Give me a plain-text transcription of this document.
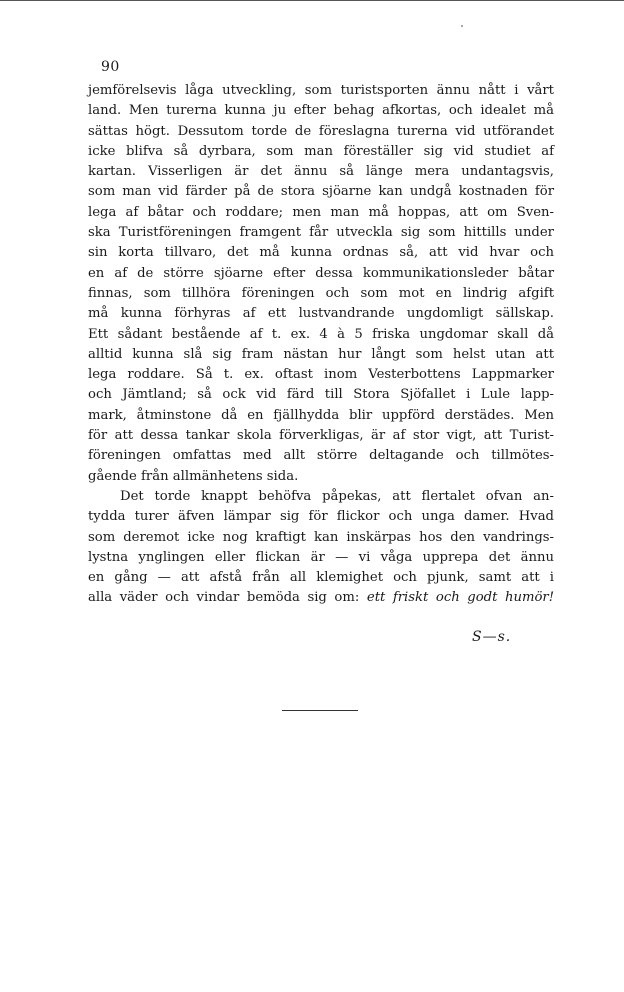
90
jemförelsevis låga utveckling, som turistsporten ännu nått i vårt
land. Men turerna kunna ju efter behag afkortas, och idealet må
sättas högt. Dessutom torde de föreslagna turerna vid utförandet
icke blifva så dyrbara, som man föreställer sig vid studiet af
kartan. Visserligen är det ännu så länge mera undantagsvis,
som man vid färder på de stora sjöarne kan undgå kostnaden för
lega af båtar och roddare; men man må hoppas, att om Sven-
ska Turistföreningen framgent får utveckla sig som hittills under
sin korta tillvaro, det må kunna ordnas så, att vid hvar och
en af de större sjöarne efter dessa kommunikationsleder båtar
finnas, som tillhöra föreningen och som mot en lindrig afgift
må kunna förhyras af ett lustvandrande ungdomligt sällskap.
Ett sådant bestående af t. ex. 4 à 5 friska ungdomar skall då
alltid kunna slå sig fram nästan hur långt som helst utan att
lega roddare. Så t. ex. oftast inom Vesterbottens Lappmarker
och Jämtland; så ock vid färd till Stora Sjöfallet i Lule lapp-
mark, åtminstone då en fjällhydda blir uppförd derstädes. Men
för att dessa tankar skola förverkligas, är af stor vigt, att Turist-
föreningen omfattas med allt större deltagande och tillmötes-
gående från allmänhetens sida.
Det torde knappt behöfva påpekas, att flertalet ofvan an-
tydda turer äfven lämpar sig för flickor och unga damer. Hvad
som deremot icke nog kraftigt kan inskärpas hos den vandrings-
lystna ynglingen eller flickan är — vi våga upprepa det ännu
en gång — att afstå från all klemighet och pjunk, samt att i
alla väder och vindar bemöda sig om: ett friskt och godt humör!
S—s.
